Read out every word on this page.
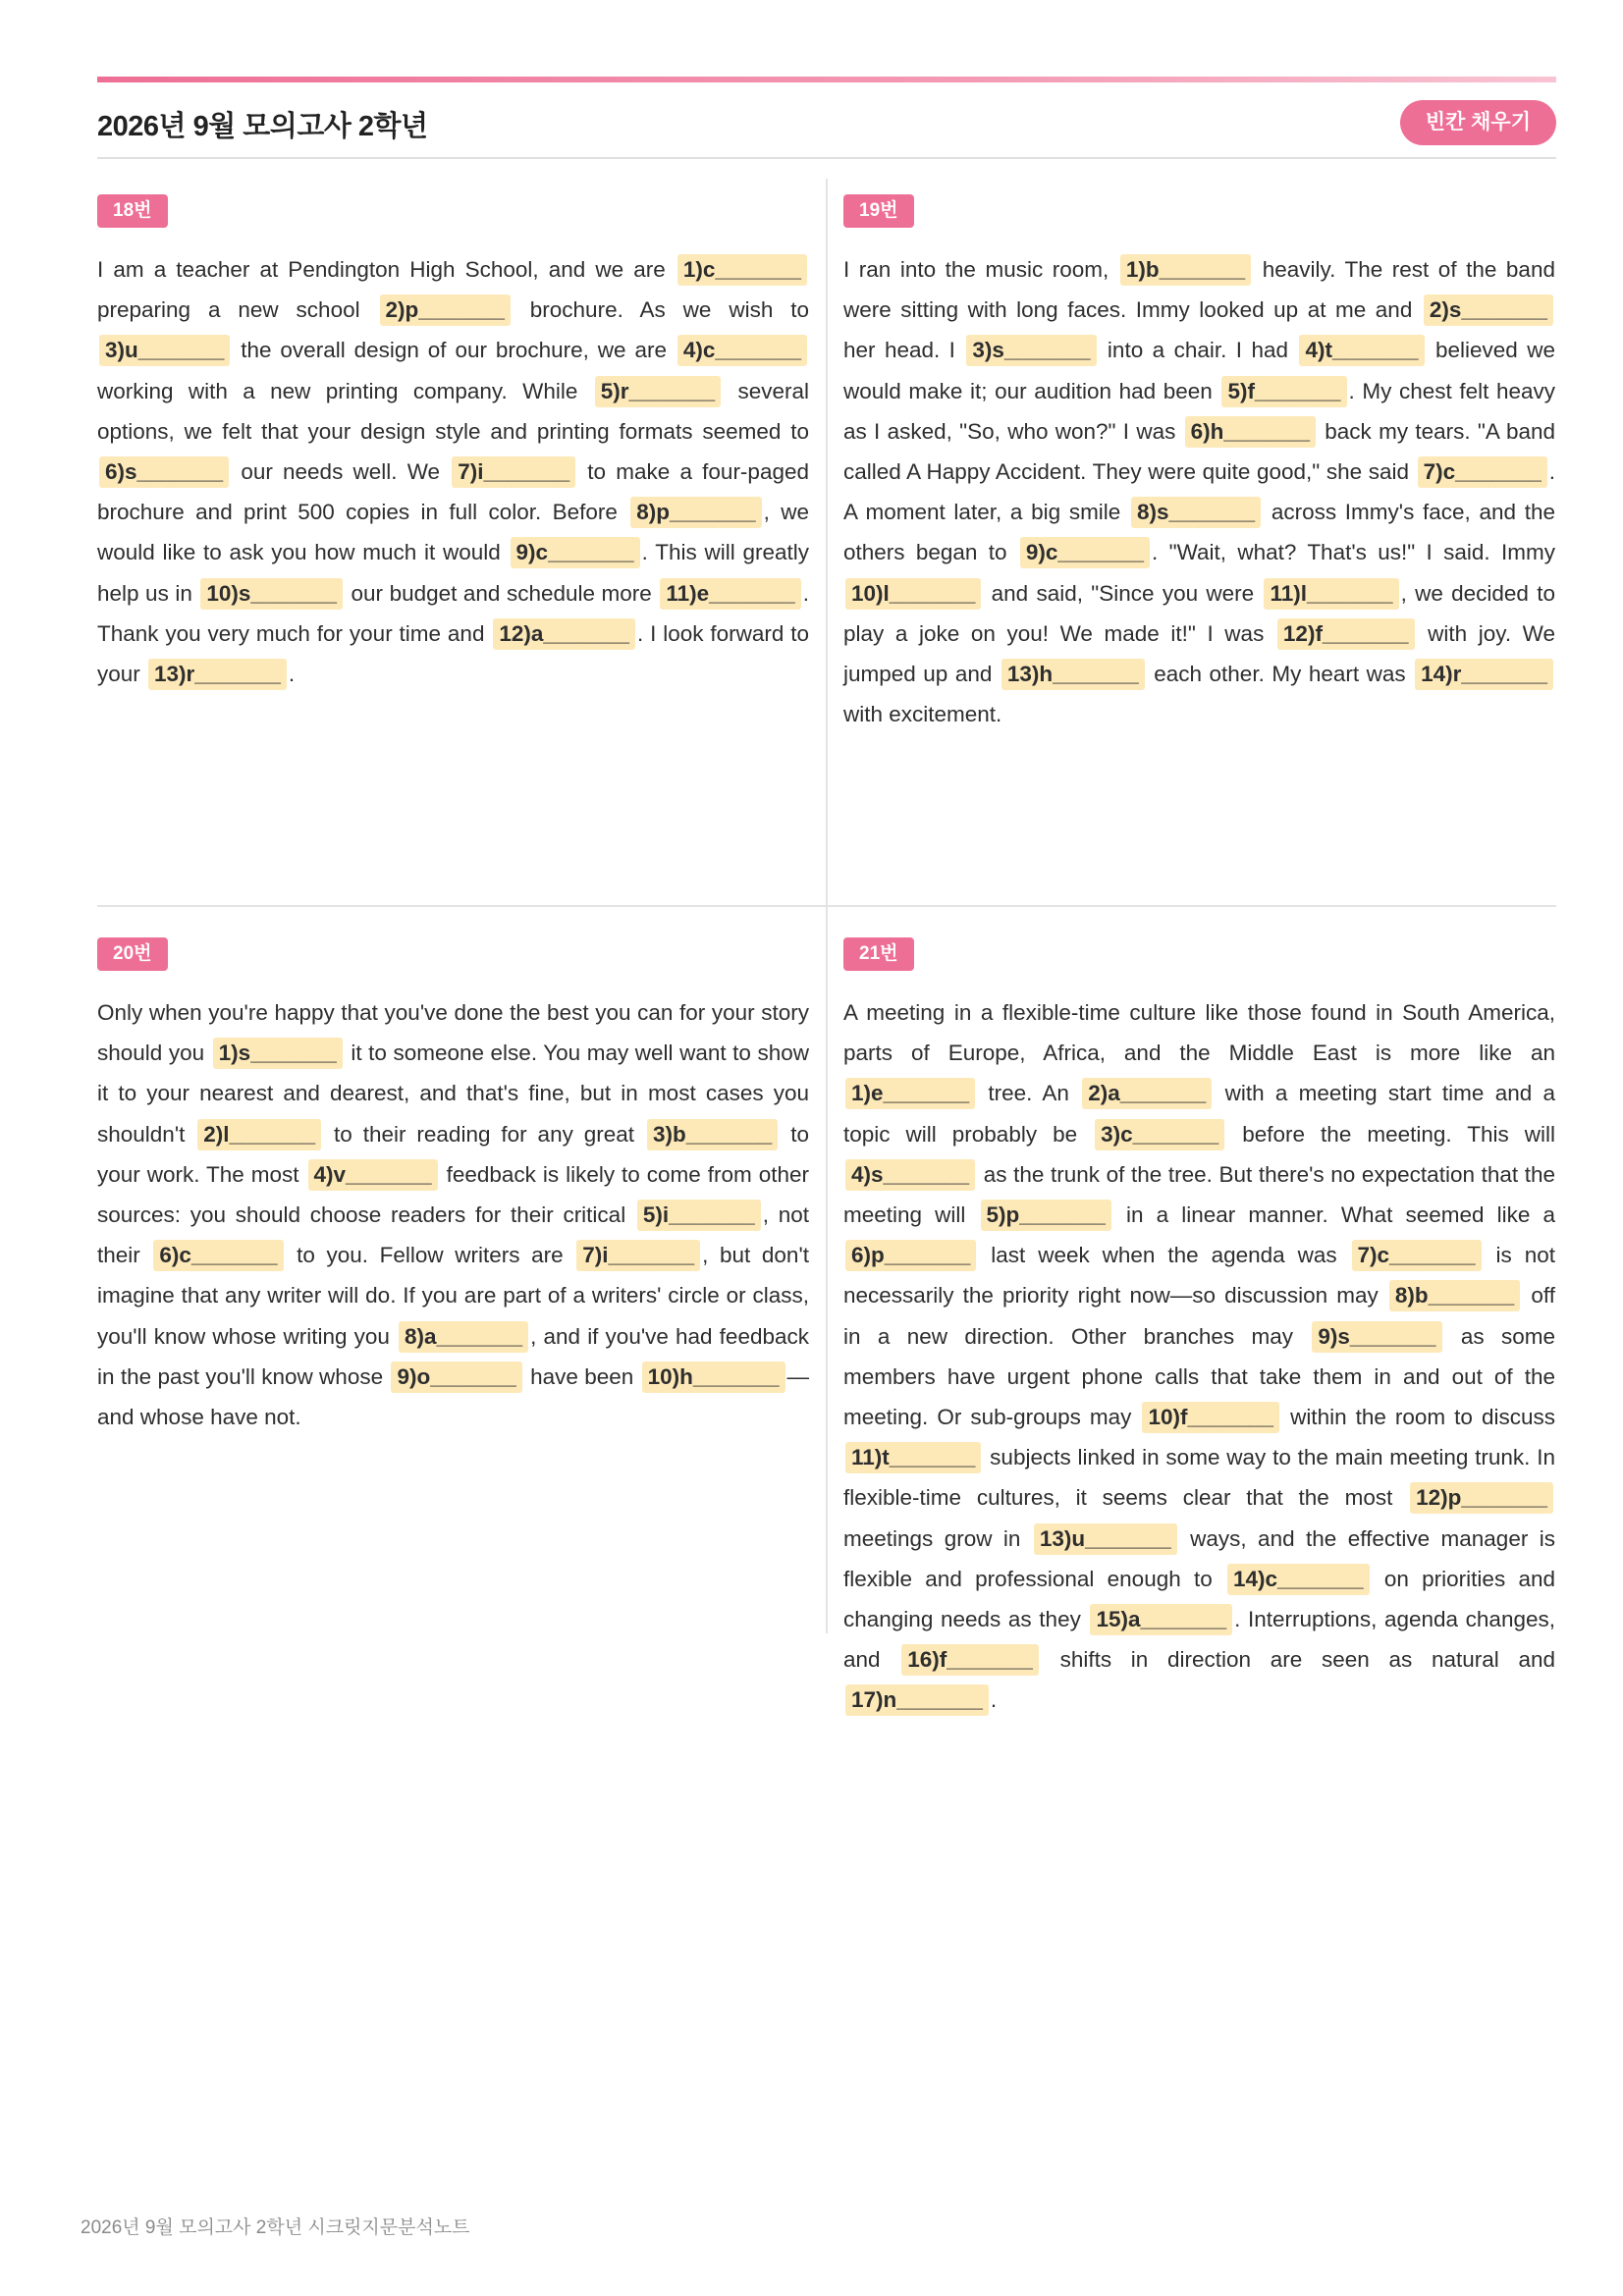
2026년 9월 모의고사 2학년	빈칸 채우기
18번
I am a teacher at Pendington High School, and we are 1)c_______ preparing a new school 2)p_______ brochure. As we wish to 3)u_______ the overall design of our brochure, we are 4)c_______ working with a new printing company. While 5)r_______ several options, we felt that your design style and printing formats seemed to 6)s_______ our needs well. We 7)i_______ to make a four-paged brochure and print 500 copies in full color. Before 8)p_______ , we would like to ask you how much it would 9)c_______ . This will greatly help us in 10)s_______ our budget and schedule more 11)e_______ . Thank you very much for your time and 12)a_______ . I look forward to your 13)r_______ .
19번
I ran into the music room, 1)b_______ heavily. The rest of the band were sitting with long faces. Immy looked up at me and 2)s_______ her head. I 3)s_______ into a chair. I had 4)t_______ believed we would make it; our audition had been 5)f_______ . My chest felt heavy as I asked, "So, who won?" I was 6)h_______ back my tears. "A band called A Happy Accident. They were quite good," she said 7)c_______ . A moment later, a big smile 8)s_______ across Immy's face, and the others began to 9)c_______ . "Wait, what? That's us!" I said. Immy 10)l_______ and said, "Since you were 11)l_______ , we decided to play a joke on you! We made it!" I was 12)f_______ with joy. We jumped up and 13)h_______ each other. My heart was 14)r_______ with excitement.
20번
Only when you're happy that you've done the best you can for your story should you 1)s_______ it to someone else. You may well want to show it to your nearest and dearest, and that's fine, but in most cases you shouldn't 2)l_______ to their reading for any great 3)b_______ to your work. The most 4)v_______ feedback is likely to come from other sources: you should choose readers for their critical 5)i_______ , not their 6)c_______ to you. Fellow writers are 7)i_______ , but don't imagine that any writer will do. If you are part of a writers' circle or class, you'll know whose writing you 8)a_______ , and if you've had feedback in the past you'll know whose 9)o_______ have been 10)h_______ —and whose have not.
21번
A meeting in a flexible-time culture like those found in South America, parts of Europe, Africa, and the Middle East is more like an 1)e_______ tree. An 2)a_______ with a meeting start time and a topic will probably be 3)c_______ before the meeting. This will 4)s_______ as the trunk of the tree. But there's no expectation that the meeting will 5)p_______ in a linear manner. What seemed like a 6)p_______ last week when the agenda was 7)c_______ is not necessarily the priority right now—so discussion may 8)b_______ off in a new direction. Other branches may 9)s_______ as some members have urgent phone calls that take them in and out of the meeting. Or sub-groups may 10)f_______ within the room to discuss 11)t_______ subjects linked in some way to the main meeting trunk. In flexible-time cultures, it seems clear that the most 12)p_______ meetings grow in 13)u_______ ways, and the effective manager is flexible and professional enough to 14)c_______ on priorities and changing needs as they 15)a_______ . Interruptions, agenda changes, and 16)f_______ shifts in direction are seen as natural and 17)n_______ .
2026년 9월 모의고사 2학년 시크릿지문분석노트
